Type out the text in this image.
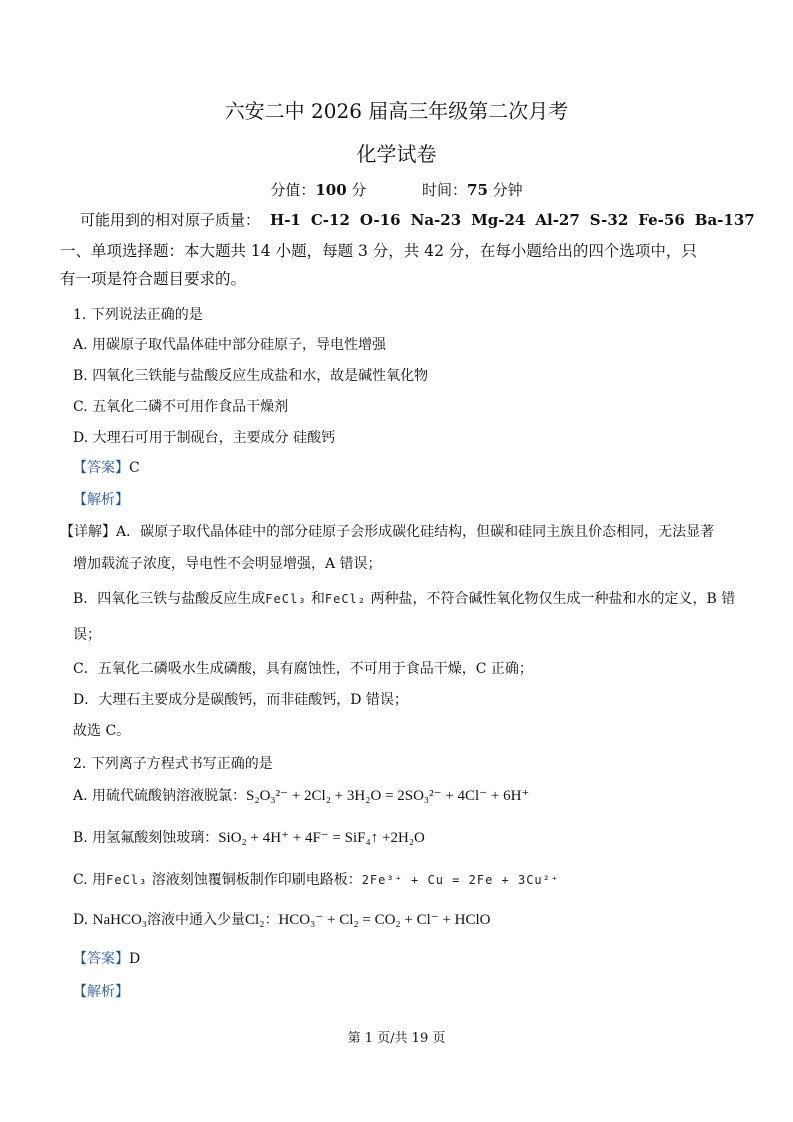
六安二中 2026 届高三年级第二次月考
化学试卷
分值：100 分	时间：75 分钟
可能用到的相对原子质量： H-1 C-12 O-16 Na-23 Mg-24 Al-27 S-32 Fe-56 Ba-137
一、单项选择题：本大题共 14 小题，每题 3 分，共 42 分，在每小题给出的四个选项中，只
有一项是符合题目要求的。
1. 下列说法正确的是
A. 用碳原子取代晶体硅中部分硅原子，导电性增强
B. 四氧化三铁能与盐酸反应生成盐和水，故是碱性氧化物
C. 五氧化二磷不可用作食品干燥剂
D. 大理石可用于制砚台，主要成分 硅酸钙
【答案】C
【解析】
【详解】A．碳原子取代晶体硅中的部分硅原子会形成碳化硅结构，但碳和硅同主族且价态相同，无法显著
增加载流子浓度，导电性不会明显增强，A 错误；
B．四氧化三铁与盐酸反应生成FeCl₃ 和FeCl₂ 两种盐，不符合碱性氧化物仅生成一种盐和水的定义，B 错
误；
C．五氧化二磷吸水生成磷酸，具有腐蚀性，不可用于食品干燥，C 正确；
D．大理石主要成分是碳酸钙，而非硅酸钙，D 错误；
故选 C。
2. 下列离子方程式书写正确的是
A. 用硫代硫酸钠溶液脱氯：S₂O₃²⁻ + 2Cl₂ + 3H₂O = 2SO₃²⁻ + 4Cl⁻ + 6H⁺
B. 用氢氟酸刻蚀玻璃：SiO₂ + 4H⁺ + 4F⁻ = SiF₄↑ +2H₂O
C. 用FeCl₃ 溶液刻蚀覆铜板制作印刷电路板：2Fe³⁺ + Cu = 2Fe + 3Cu²⁺
D. NaHCO₃溶液中通入少量Cl₂：HCO₃⁻ + Cl₂ = CO₂ + Cl⁻ + HClO
【答案】D
【解析】
第 1 页/共 19 页
